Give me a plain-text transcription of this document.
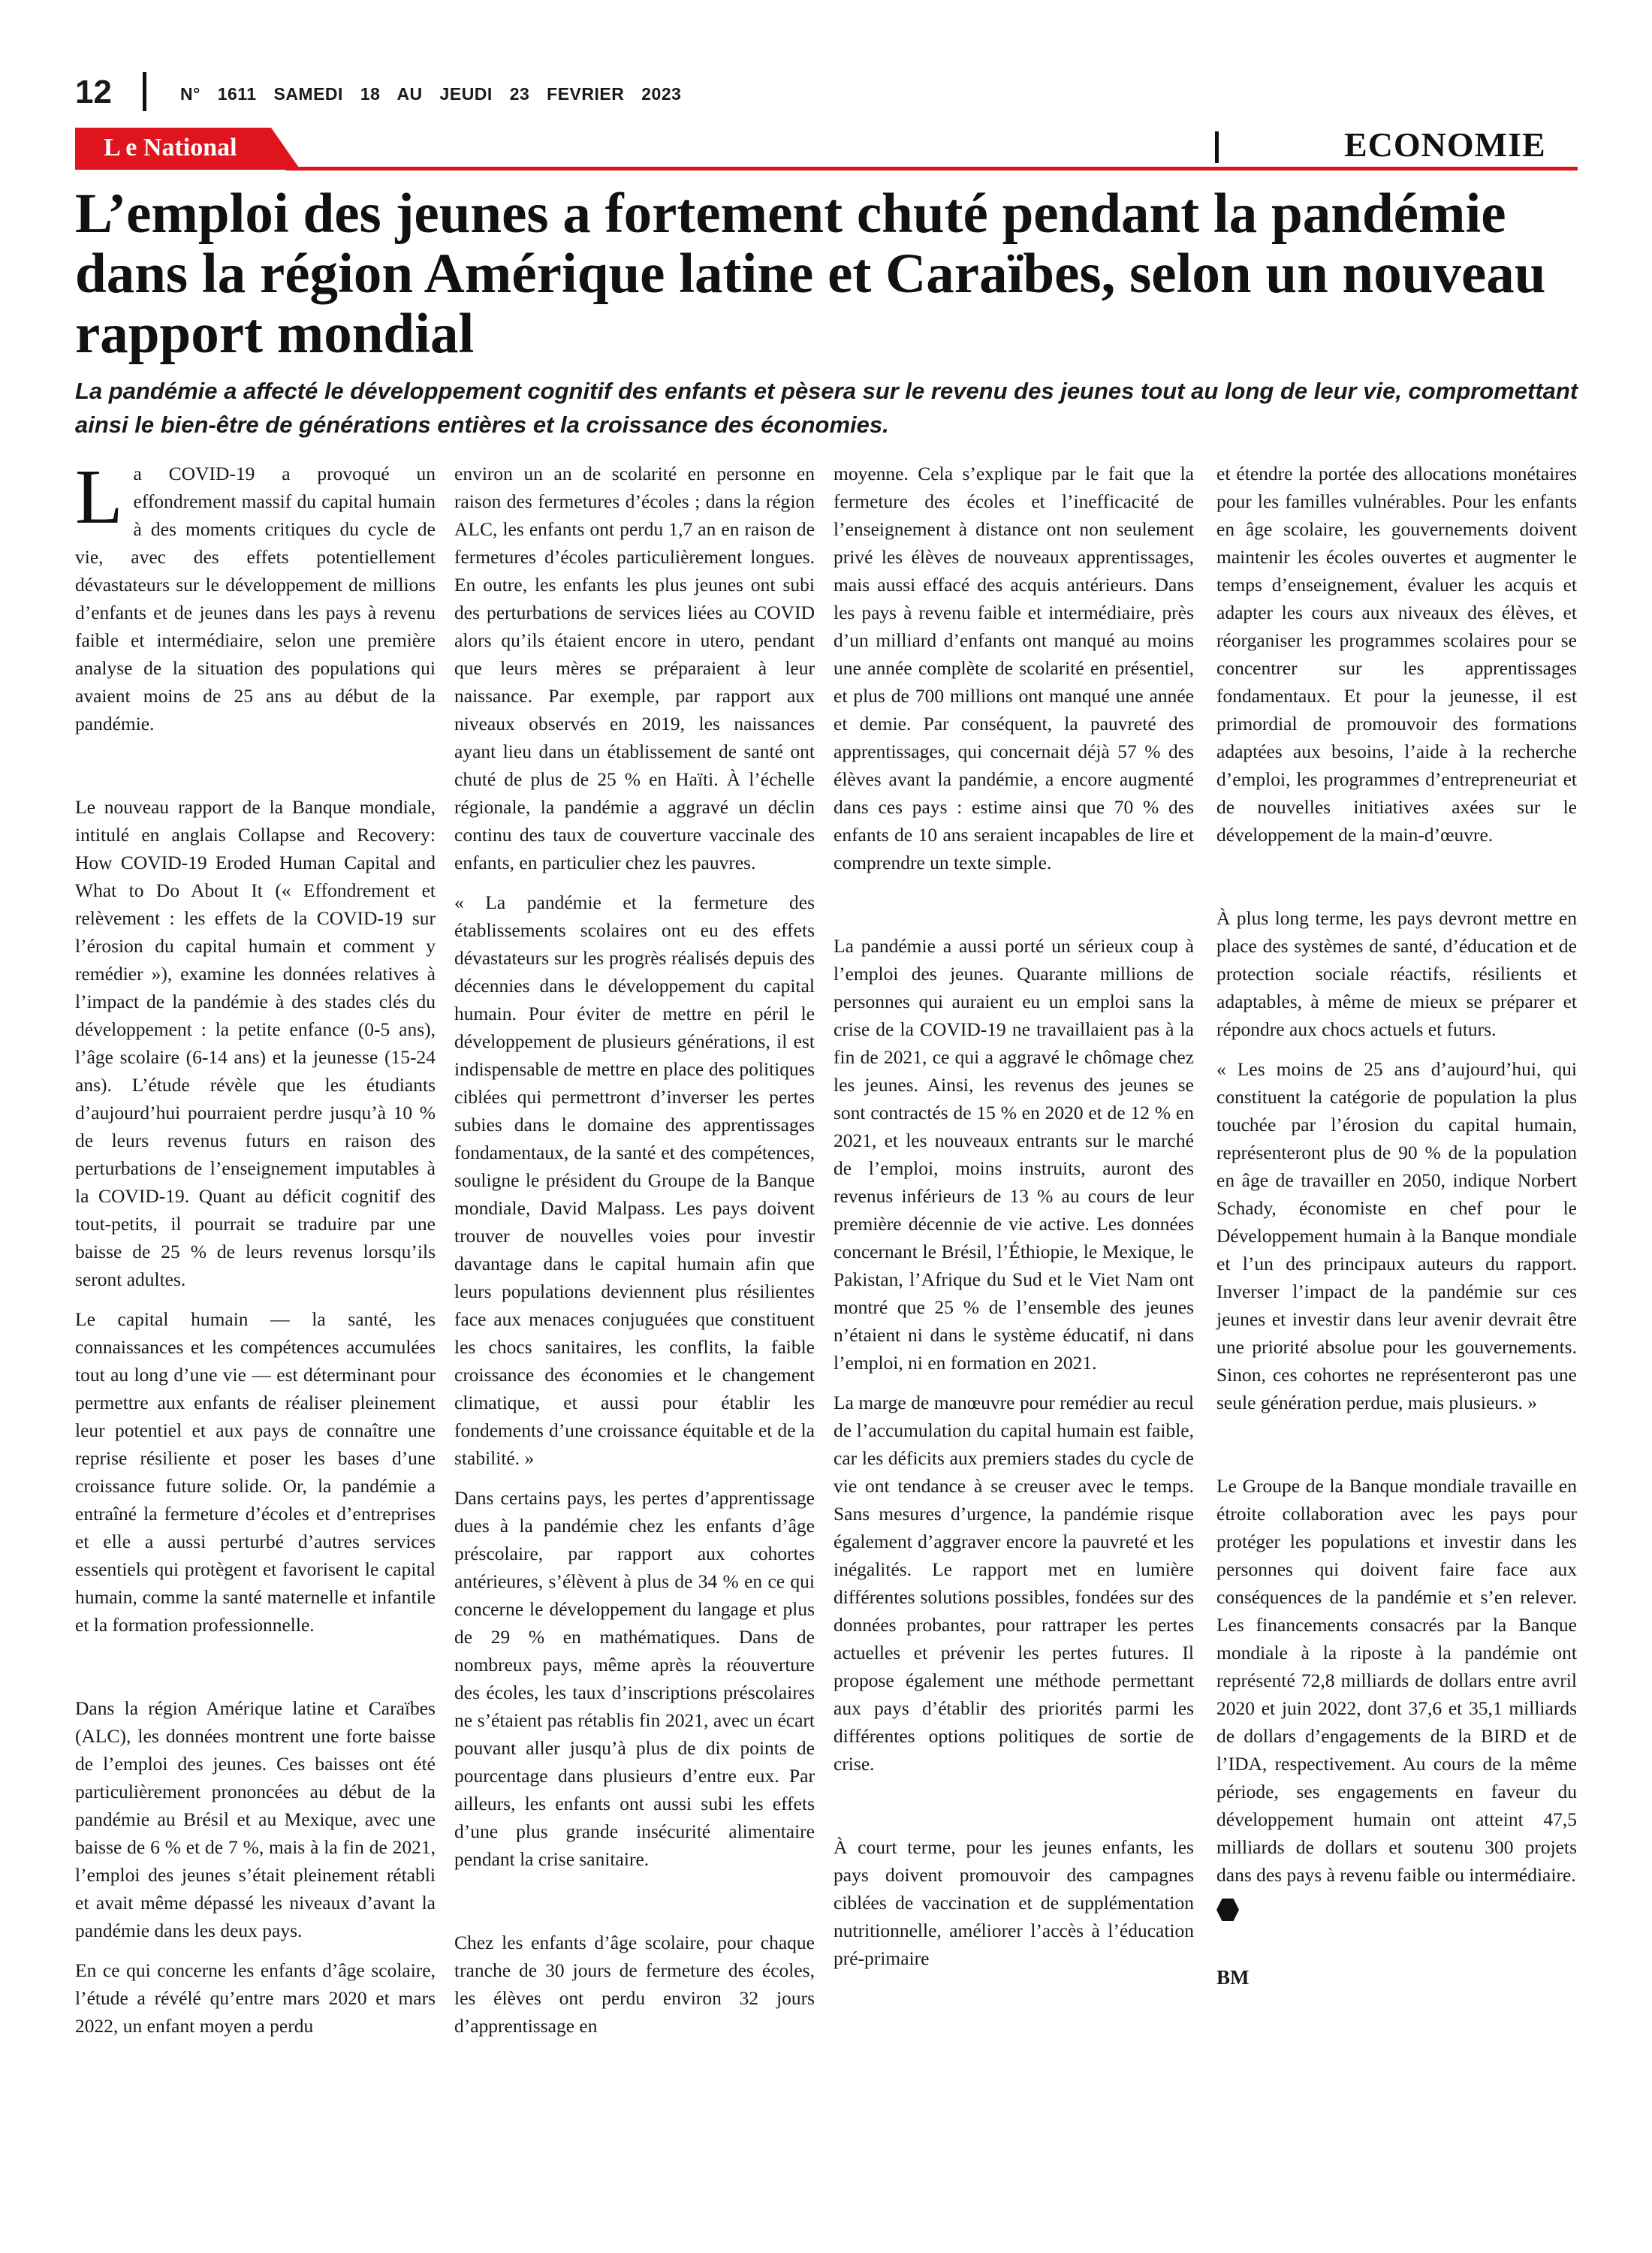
12	N° 1611 SAMEDI 18 AU JEUDI 23 FEVRIER 2023
L e National	ECONOMIE
L’emploi des jeunes a fortement chuté pendant la pandémie dans la région Amérique latine et Caraïbes, selon un nouveau rapport mondial

La pandémie a affecté le développement cognitif des enfants et pèsera sur le revenu des jeunes tout au long de leur vie, compromettant ainsi le bien-être de générations entières et la croissance des économies.

La COVID-19 a provoqué un effondrement massif du capital humain à des moments critiques du cycle de vie, avec des effets potentiellement dévastateurs sur le développement de millions d’enfants et de jeunes dans les pays à revenu faible et intermédiaire, selon une première analyse de la situation des populations qui avaient moins de 25 ans au début de la pandémie.

Le nouveau rapport de la Banque mondiale, intitulé en anglais Collapse and Recovery: How COVID-19 Eroded Human Capital and What to Do About It (« Effondrement et relèvement : les effets de la COVID-19 sur l’érosion du capital humain et comment y remédier »), examine les données relatives à l’impact de la pandémie à des stades clés du développement : la petite enfance (0-5 ans), l’âge scolaire (6-14 ans) et la jeunesse (15-24 ans). L’étude révèle que les étudiants d’aujourd’hui pourraient perdre jusqu’à 10 % de leurs revenus futurs en raison des perturbations de l’enseignement imputables à la COVID-19. Quant au déficit cognitif des tout-petits, il pourrait se traduire par une baisse de 25 % de leurs revenus lorsqu’ils seront adultes.

Le capital humain — la santé, les connaissances et les compétences accumulées tout au long d’une vie — est déterminant pour permettre aux enfants de réaliser pleinement leur potentiel et aux pays de connaître une reprise résiliente et poser les bases d’une croissance future solide. Or, la pandémie a entraîné la fermeture d’écoles et d’entreprises et elle a aussi perturbé d’autres services essentiels qui protègent et favorisent le capital humain, comme la santé maternelle et infantile et la formation professionnelle.

Dans la région Amérique latine et Caraïbes (ALC), les données montrent une forte baisse de l’emploi des jeunes. Ces baisses ont été particulièrement prononcées au début de la pandémie au Brésil et au Mexique, avec une baisse de 6 % et de 7 %, mais à la fin de 2021, l’emploi des jeunes s’était pleinement rétabli et avait même dépassé les niveaux d’avant la pandémie dans les deux pays.

En ce qui concerne les enfants d’âge scolaire, l’étude a révélé qu’entre mars 2020 et mars 2022, un enfant moyen a perdu

environ un an de scolarité en personne en raison des fermetures d’écoles ; dans la région ALC, les enfants ont perdu 1,7 an en raison de fermetures d’écoles particulièrement longues. En outre, les enfants les plus jeunes ont subi des perturbations de services liées au COVID alors qu’ils étaient encore in utero, pendant que leurs mères se préparaient à leur naissance. Par exemple, par rapport aux niveaux observés en 2019, les naissances ayant lieu dans un établissement de santé ont chuté de plus de 25 % en Haïti. À l’échelle régionale, la pandémie a aggravé un déclin continu des taux de couverture vaccinale des enfants, en particulier chez les pauvres.

« La pandémie et la fermeture des établissements scolaires ont eu des effets dévastateurs sur les progrès réalisés depuis des décennies dans le développement du capital humain. Pour éviter de mettre en péril le développement de plusieurs générations, il est indispensable de mettre en place des politiques ciblées qui permettront d’inverser les pertes subies dans le domaine des apprentissages fondamentaux, de la santé et des compétences, souligne le président du Groupe de la Banque mondiale, David Malpass. Les pays doivent trouver de nouvelles voies pour investir davantage dans le capital humain afin que leurs populations deviennent plus résilientes face aux menaces conjuguées que constituent les chocs sanitaires, les conflits, la faible croissance des économies et le changement climatique, et aussi pour établir les fondements d’une croissance équitable et de la stabilité. »

Dans certains pays, les pertes d’apprentissage dues à la pandémie chez les enfants d’âge préscolaire, par rapport aux cohortes antérieures, s’élèvent à plus de 34 % en ce qui concerne le développement du langage et plus de 29 % en mathématiques. Dans de nombreux pays, même après la réouverture des écoles, les taux d’inscriptions préscolaires ne s’étaient pas rétablis fin 2021, avec un écart pouvant aller jusqu’à plus de dix points de pourcentage dans plusieurs d’entre eux. Par ailleurs, les enfants ont aussi subi les effets d’une plus grande insécurité alimentaire pendant la crise sanitaire.

Chez les enfants d’âge scolaire, pour chaque tranche de 30 jours de fermeture des écoles, les élèves ont perdu environ 32 jours d’apprentissage en

moyenne. Cela s’explique par le fait que la fermeture des écoles et l’inefficacité de l’enseignement à distance ont non seulement privé les élèves de nouveaux apprentissages, mais aussi effacé des acquis antérieurs. Dans les pays à revenu faible et intermédiaire, près d’un milliard d’enfants ont manqué au moins une année complète de scolarité en présentiel, et plus de 700 millions ont manqué une année et demie. Par conséquent, la pauvreté des apprentissages, qui concernait déjà 57 % des élèves avant la pandémie, a encore augmenté dans ces pays : estime ainsi que 70 % des enfants de 10 ans seraient incapables de lire et comprendre un texte simple.

La pandémie a aussi porté un sérieux coup à l’emploi des jeunes. Quarante millions de personnes qui auraient eu un emploi sans la crise de la COVID-19 ne travaillaient pas à la fin de 2021, ce qui a aggravé le chômage chez les jeunes. Ainsi, les revenus des jeunes se sont contractés de 15 % en 2020 et de 12 % en 2021, et les nouveaux entrants sur le marché de l’emploi, moins instruits, auront des revenus inférieurs de 13 % au cours de leur première décennie de vie active. Les données concernant le Brésil, l’Éthiopie, le Mexique, le Pakistan, l’Afrique du Sud et le Viet Nam ont montré que 25 % de l’ensemble des jeunes n’étaient ni dans le système éducatif, ni dans l’emploi, ni en formation en 2021.

La marge de manœuvre pour remédier au recul de l’accumulation du capital humain est faible, car les déficits aux premiers stades du cycle de vie ont tendance à se creuser avec le temps. Sans mesures d’urgence, la pandémie risque également d’aggraver encore la pauvreté et les inégalités. Le rapport met en lumière différentes solutions possibles, fondées sur des données probantes, pour rattraper les pertes actuelles et prévenir les pertes futures. Il propose également une méthode permettant aux pays d’établir des priorités parmi les différentes options politiques de sortie de crise.

À court terme, pour les jeunes enfants, les pays doivent promouvoir des campagnes ciblées de vaccination et de supplémentation nutritionnelle, améliorer l’accès à l’éducation pré-primaire

et étendre la portée des allocations monétaires pour les familles vulnérables. Pour les enfants en âge scolaire, les gouvernements doivent maintenir les écoles ouvertes et augmenter le temps d’enseignement, évaluer les acquis et adapter les cours aux niveaux des élèves, et réorganiser les programmes scolaires pour se concentrer sur les apprentissages fondamentaux. Et pour la jeunesse, il est primordial de promouvoir des formations adaptées aux besoins, l’aide à la recherche d’emploi, les programmes d’entrepreneuriat et de nouvelles initiatives axées sur le développement de la main-d’œuvre.

À plus long terme, les pays devront mettre en place des systèmes de santé, d’éducation et de protection sociale réactifs, résilients et adaptables, à même de mieux se préparer et répondre aux chocs actuels et futurs.

« Les moins de 25 ans d’aujourd’hui, qui constituent la catégorie de population la plus touchée par l’érosion du capital humain, représenteront plus de 90 % de la population en âge de travailler en 2050, indique Norbert Schady, économiste en chef pour le Développement humain à la Banque mondiale et l’un des principaux auteurs du rapport. Inverser l’impact de la pandémie sur ces jeunes et investir dans leur avenir devrait être une priorité absolue pour les gouvernements. Sinon, ces cohortes ne représenteront pas une seule génération perdue, mais plusieurs. »

Le Groupe de la Banque mondiale travaille en étroite collaboration avec les pays pour protéger les populations et investir dans les personnes qui doivent faire face aux conséquences de la pandémie et s’en relever. Les financements consacrés par la Banque mondiale à la riposte à la pandémie ont représenté 72,8 milliards de dollars entre avril 2020 et juin 2022, dont 37,6 et 35,1 milliards de dollars d’engagements de la BIRD et de l’IDA, respectivement. Au cours de la même période, ses engagements en faveur du développement humain ont atteint 47,5 milliards de dollars et soutenu 300 projets dans des pays à revenu faible ou intermédiaire.

BM
